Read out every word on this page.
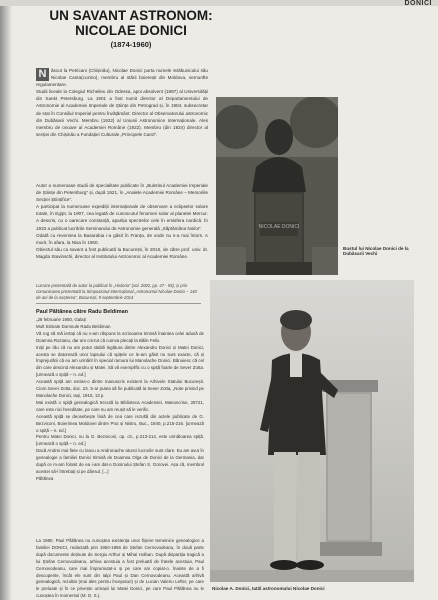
DONICI
UN SAVANT ASTRONOM:
NICOLAE DONICI
(1874-1960)

N ăscut la Petricani (Chișinău), Nicolae Donici purta numele străbunicului său Nicolae Canta(cuzino), membru al stării boierești din Moldova, vernunfte regulamentare.

Studii liceale la Colegiul Richelieu din Odessa, apoi absolvent (1897) al Universității din Sankt Petersburg. La 1901 a fost numit director al Departamentului de Astronomie al Academiei Imperiale de Științe din Petrograd și, în 1904, subsecretar de stat în Consiliul Imperial pentru Învățământ. Director al Observatorului astronomic din Dubăsarii Vechi. Membru (1922) al Uniunii Astronomice Internaționale. Ales membru de onoare al Academiei Române (1922). Membru (din 1924) director al secției din Chișinău a Fundației Culturale „Principele Carol”.

NICOLAE DONICI
Bustul lui Nicolae Donici de la Dubăsarii Vechi

Autor a numeroase studii de specialitate publicate în „Buletinul Academiei Imperiale de Științe din Petersburg” și, după 1921, în „Analele Academiei Române – Memoriile Secției Științifice”.

A participat la numeroase expediții internaționale de observare a eclipselor solare totale, în Egipt, la 1907, cea legată de cunoscutul fenomen solar al planetei Mercur. A descris, cu o oarecare constanță, apariția spectrelor cele în emisfera nordică. În 1933 a publicat lucrările Seminarului de Astronomie generală „Săptămâna Noilor”.

Odată cu revenirea la Basarabia i-a găsit în Franța, de unde nu s-a mai întors. A murit, în afara, la Nisa în 1960.

Obiectul său ca savant a fost publicată la București, în 2016, de către prof. univ. dr. Magda Stavinschi, director al Institutului Astronomic al Academiei Române.

Lucrare prezentată de autor la publicat în „Historia” (vol. 2002, pp. 47 - 55), și prin comunicarea prezentată la Simpozionul Internațional „Astronomul Nicolae Donici – 140 de ani de la nașterea”, București, 9 septembrie 2014
Paul Păltănea către Radu Beldiman

„29 februarie 1980, Galați

Mult Stimate Domnule Radu Beldiman

Vă rog să mă iertați că nu v-am răspuns la scrisoarea trimisă înaintea celei adusă de Doamna Rozianu, dar am crezut că cumva plecați la Băile Felix.

Iniții pe rău că nu am putut stabili legătura dintre Alexandru Donici și Matei Donici, acesta se datorează unor lapsului că spițele ce le-am găsit nu sunt exacte, că și împrejurării că eu am urmărit în special ramura lui Manolache Donici. Bănuiesc că cel din care descind Alexandru și Matei. Să vă exemplific cu o spiță foarte de Sever Zotta. [urmează o spiță – n. ed.]

Această spiță am extras-o dintre manuscris existent la Arhivele Statului București. Ciorn.Sever Zotta, doc. 23. S-ar putea să fie publicată la Sever Zotta, „Note privind pe Manolache Donici, Iași, 1915, 13 p.

Mai există o spiță genealogică trecută la Biblioteca Academiei, Manuscrise, 28721, care este nici hereditate, pe care nu am reușit să le verific.

Această spiță se deosebește însă de cea care rezultă din actele publicate de G. Bezviconi, Boierimea Moldovei dintre Prut și Nistru, Buc., 1940, p.215-216. [urmează o spiță – n. ed.]

Pentru Matei Donici, nu la G. Bezviconi, op. cit., p.213-214, este următoarea spiță. [urmează o spiță – n. ed.]

Dacă Andrei mai fiete cu lancu a Andronache atunci lucrurile sunt clare. Eu am avut în genealogie a familiei Donici trimisă de Doamna Olga de Donici de la Germania, dar după ce m-am folosit de ea i-am dat-o Domnului Ștefan S. Gorovei. Așa că, membrul acestei să-l întrebați și pe dânsul. [...]

Păltănea

La 1980, Paul Păltănea nu cunoștea existența unor fișiere temeinice genealogice a familiei DONICI, redactată prin 1950-1955 de Ștefan Cernovodeanu, în două parte după documente deținute de Sergiu Arthur și Mihai Holban. După dispariția tragică a lui Ștefan Cernovodeanu, arhiva acestuia a fost preluată de fratele acestuia, Paul Cernovodeanu, care mai împrumutat-o și pe care am copiat-o. Înainte de a fi descoperite, încât ele sunt din Ialpi Paul și Dan Cernovodeanu. Această arhivă genealogică, rezultat (mai ales pentru începuturi) și de Lucian Valeriu Lefter, pe care le preluate și în ce privește urmașii lui Matei Donici, pe care Paul Păltănea nu le cunoștea în momentul (M. D. S.).

Nicolae A. Donici, tatăl astronomului Nicolae Donici
